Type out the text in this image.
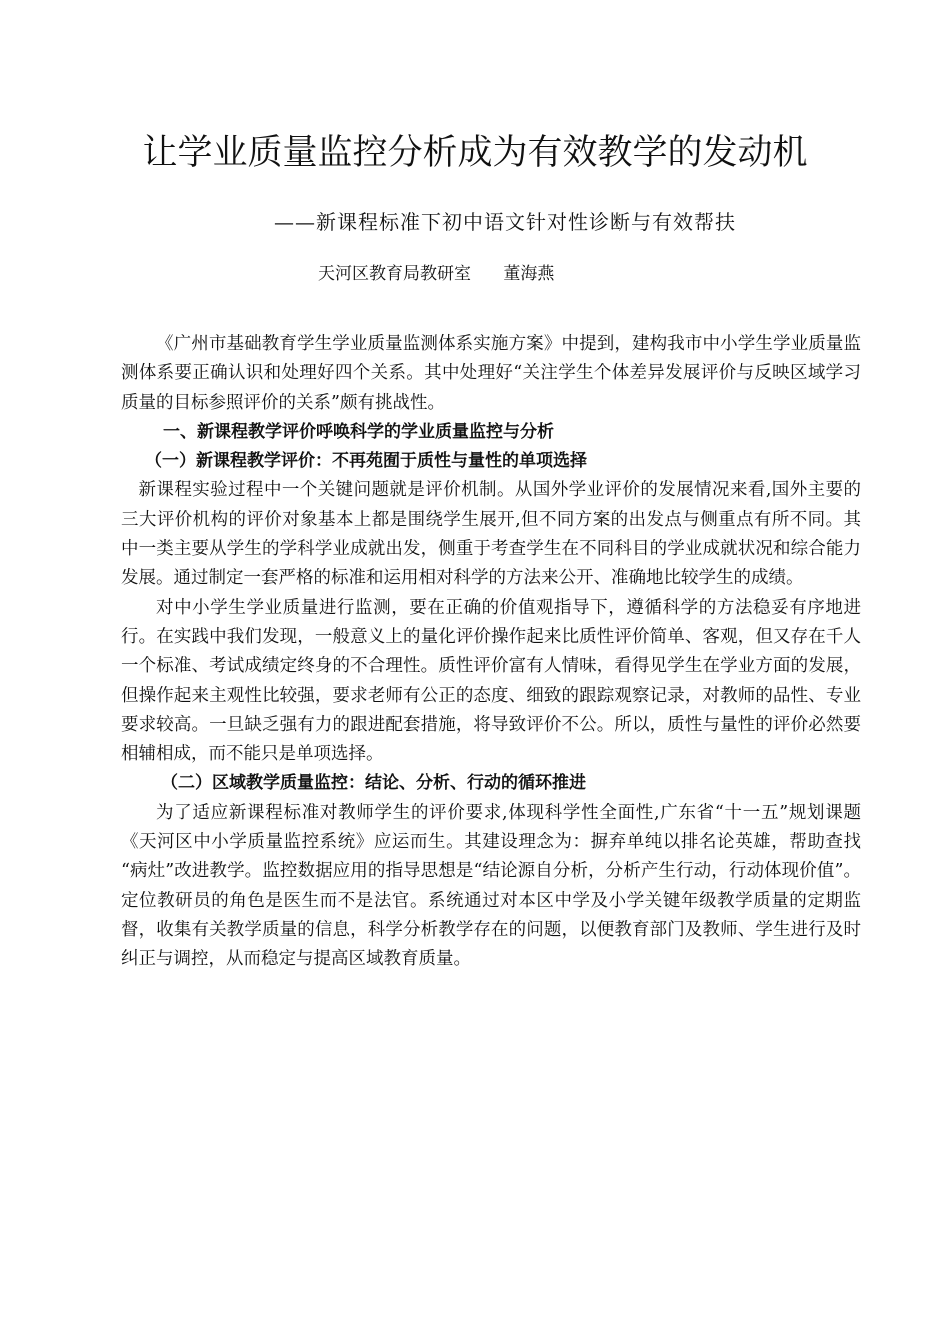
让学业质量监控分析成为有效教学的发动机

——新课程标准下初中语文针对性诊断与有效帮扶

天河区教育局教研室      董海燕

《广州市基础教育学生学业质量监测体系实施方案》中提到，建构我市中小学生学业质量监测体系要正确认识和处理好四个关系。其中处理好“关注学生个体差异发展评价与反映区域学习质量的目标参照评价的关系”颇有挑战性。

一、新课程教学评价呼唤科学的学业质量监控与分析

（一）新课程教学评价：不再苑囿于质性与量性的单项选择

新课程实验过程中一个关键问题就是评价机制。从国外学业评价的发展情况来看,国外主要的三大评价机构的评价对象基本上都是围绕学生展开,但不同方案的出发点与侧重点有所不同。其中一类主要从学生的学科学业成就出发，侧重于考查学生在不同科目的学业成就状况和综合能力发展。通过制定一套严格的标准和运用相对科学的方法来公开、准确地比较学生的成绩。

对中小学生学业质量进行监测，要在正确的价值观指导下，遵循科学的方法稳妥有序地进行。在实践中我们发现，一般意义上的量化评价操作起来比质性评价简单、客观，但又存在千人一个标准、考试成绩定终身的不合理性。质性评价富有人情味，看得见学生在学业方面的发展，但操作起来主观性比较强，要求老师有公正的态度、细致的跟踪观察记录，对教师的品性、专业要求较高。一旦缺乏强有力的跟进配套措施，将导致评价不公。所以，质性与量性的评价必然要相辅相成，而不能只是单项选择。

（二）区域教学质量监控：结论、分析、行动的循环推进

为了适应新课程标准对教师学生的评价要求,体现科学性全面性,广东省“十一五”规划课题《天河区中小学质量监控系统》应运而生。其建设理念为：摒弃单纯以排名论英雄，帮助查找 “病灶”改进教学。监控数据应用的指导思想是“结论源自分析，分析产生行动，行动体现价值”。定位教研员的角色是医生而不是法官。系统通过对本区中学及小学关键年级教学质量的定期监督，收集有关教学质量的信息，科学分析教学存在的问题，以便教育部门及教师、学生进行及时纠正与调控，从而稳定与提高区域教育质量。
